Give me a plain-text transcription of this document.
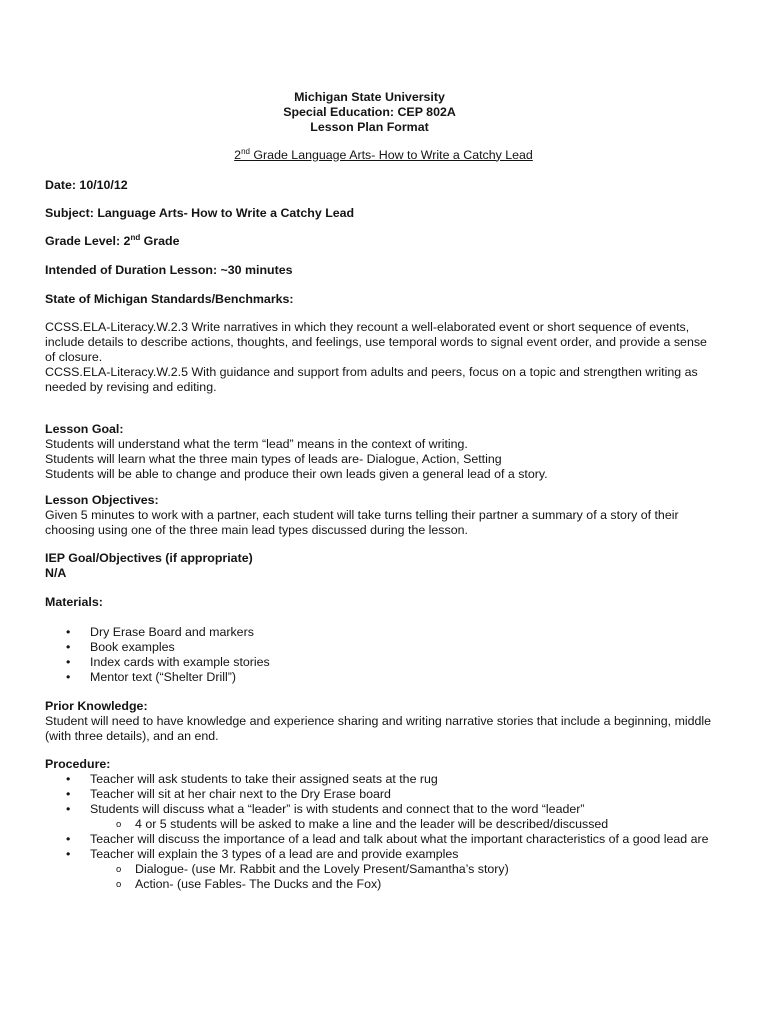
Michigan State University
Special Education: CEP 802A
Lesson Plan Format
2nd Grade Language Arts- How to Write a Catchy Lead
Date: 10/10/12
Subject: Language Arts- How to Write a Catchy Lead
Grade Level: 2nd Grade
Intended of Duration Lesson: ~30 minutes
State of Michigan Standards/Benchmarks:
CCSS.ELA-Literacy.W.2.3 Write narratives in which they recount a well-elaborated event or short sequence of events,
include details to describe actions, thoughts, and feelings, use temporal words to signal event order, and provide a sense
of closure.
CCSS.ELA-Literacy.W.2.5 With guidance and support from adults and peers, focus on a topic and strengthen writing as
needed by revising and editing.
Lesson Goal:
Students will understand what the term “lead” means in the context of writing.
Students will learn what the three main types of leads are- Dialogue, Action, Setting
Students will be able to change and produce their own leads given a general lead of a story.
Lesson Objectives:
Given 5 minutes to work with a partner, each student will take turns telling their partner a summary of a story of their
choosing using one of the three main lead types discussed during the lesson.
IEP Goal/Objectives (if appropriate)
N/A
Materials:
• Dry Erase Board and markers
• Book examples
• Index cards with example stories
• Mentor text (“Shelter Drill”)
Prior Knowledge:
Student will need to have knowledge and experience sharing and writing narrative stories that include a beginning, middle
(with three details), and an end.
Procedure:
• Teacher will ask students to take their assigned seats at the rug
• Teacher will sit at her chair next to the Dry Erase board
• Students will discuss what a “leader” is with students and connect that to the word “leader”
o 4 or 5 students will be asked to make a line and the leader will be described/discussed
• Teacher will discuss the importance of a lead and talk about what the important characteristics of a good lead are
• Teacher will explain the 3 types of a lead are and provide examples
o Dialogue- (use Mr. Rabbit and the Lovely Present/Samantha’s story)
o Action- (use Fables- The Ducks and the Fox)
